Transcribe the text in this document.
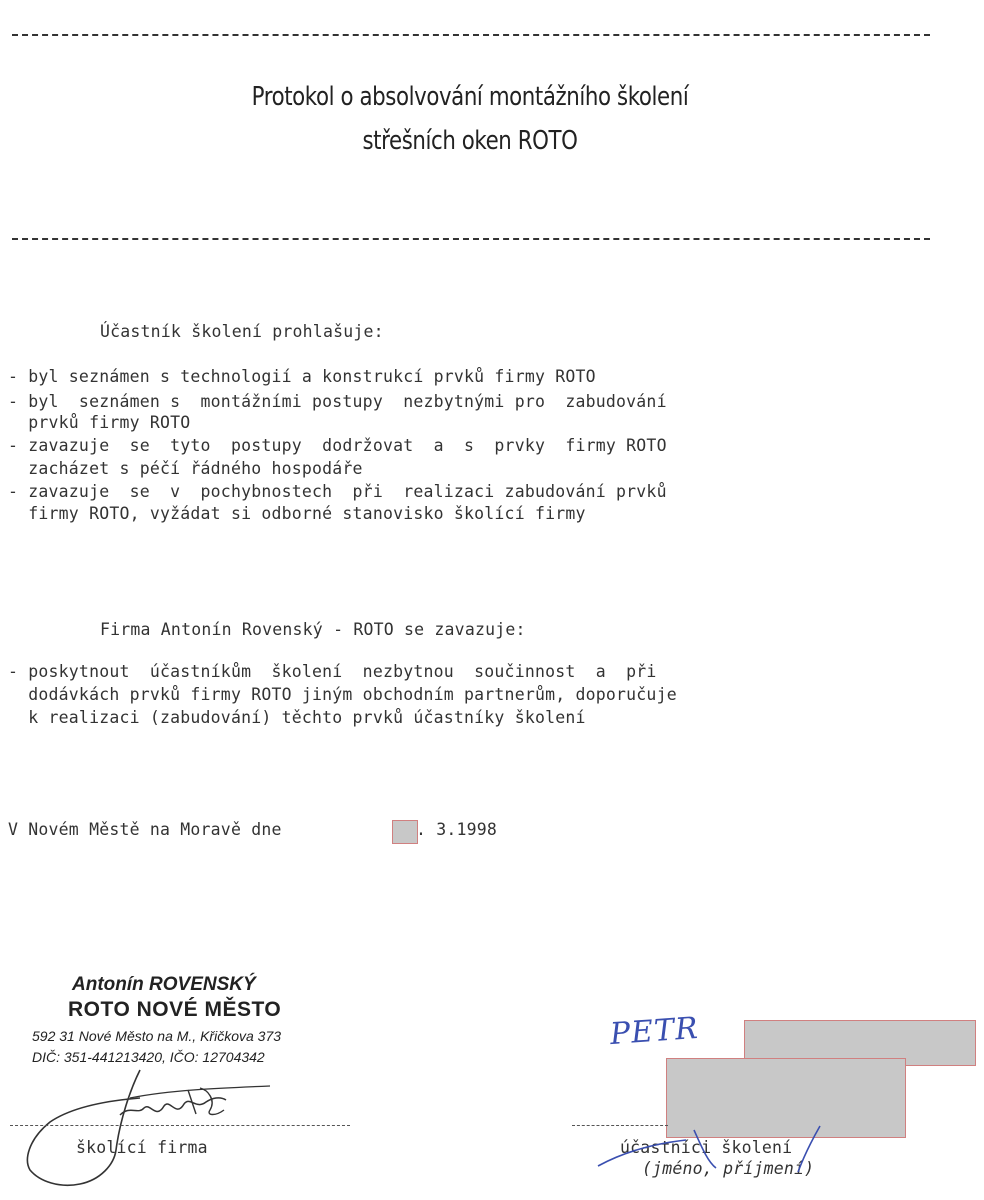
Protokol o absolvování montážního školení
střešních oken ROTO
Účastník školení prohlašuje:
- byl seznámen s technologií a konstrukcí prvků firmy ROTO
- byl  seznámen s  montážními postupy  nezbytnými pro  zabudování
prvků firmy ROTO
- zavazuje  se  tyto  postupy  dodržovat  a  s  prvky  firmy ROTO
zacházet s péčí řádného hospodáře
- zavazuje  se  v  pochybnostech  při  realizaci zabudování prvků
firmy ROTO, vyžádat si odborné stanovisko školící firmy
Firma Antonín Rovenský - ROTO se zavazuje:
- poskytnout  účastníkům  školení  nezbytnou  součinnost  a  při
dodávkách prvků firmy ROTO jiným obchodním partnerům, doporučuje
k realizaci (zabudování) těchto prvků účastníky školení
V Novém Městě na Moravě dne	. 3.1998
Antonín ROVENSKÝ
ROTO NOVÉ MĚSTO
592 31 Nové Město na M., Křičkova 373
DIČ: 351-441213420, IČO: 12704342
školící firma
PETR
účastníci školení
(jméno, příjmení)
